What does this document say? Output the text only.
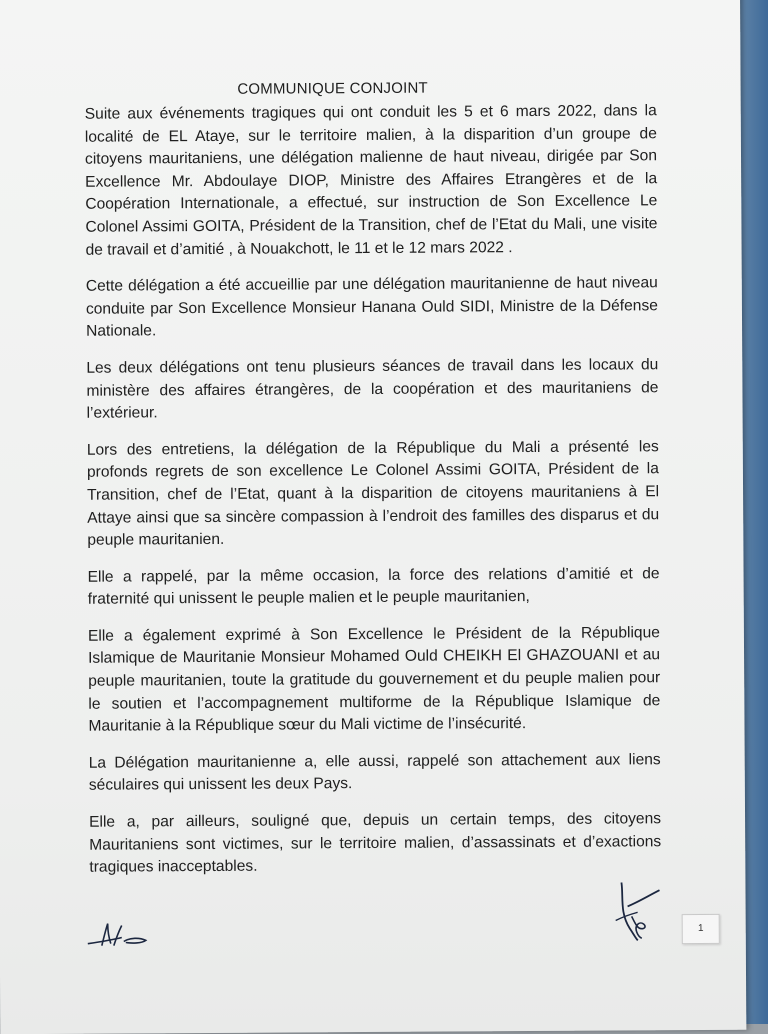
COMMUNIQUE CONJOINT

Suite aux événements tragiques qui ont conduit les 5 et 6 mars 2022, dans la localité de EL Ataye, sur le territoire malien, à la disparition d’un groupe de citoyens mauritaniens, une délégation malienne de haut niveau, dirigée par Son Excellence Mr. Abdoulaye DIOP, Ministre des Affaires Etrangères et de la Coopération Internationale, a effectué, sur instruction de Son Excellence Le Colonel Assimi GOITA, Président de la Transition, chef de l’Etat du Mali, une visite de travail et d’amitié , à Nouakchott, le 11 et le 12 mars 2022 .

Cette délégation a été accueillie par une délégation mauritanienne de haut niveau conduite par Son Excellence Monsieur Hanana Ould SIDI, Ministre de la Défense Nationale.

Les deux délégations ont tenu plusieurs séances de travail dans les locaux du ministère des affaires étrangères, de la coopération et des mauritaniens de l’extérieur.

Lors des entretiens, la délégation de la République du Mali a présenté les profonds regrets de son excellence Le Colonel Assimi GOITA, Président de la Transition, chef de l’Etat, quant à la disparition de citoyens mauritaniens à El Attaye ainsi que sa sincère compassion à l’endroit des familles des disparus et du peuple mauritanien.

Elle a rappelé, par la même occasion, la force des relations d’amitié et de fraternité qui unissent le peuple malien et le peuple mauritanien,

Elle a également exprimé à Son Excellence le Président de la République Islamique de Mauritanie Monsieur Mohamed Ould CHEIKH El GHAZOUANI et au peuple mauritanien, toute la gratitude du gouvernement et du peuple malien pour le soutien et l’accompagnement multiforme de la République Islamique de Mauritanie à la République sœur du Mali victime de l’insécurité.

La Délégation mauritanienne a, elle aussi, rappelé son attachement aux liens séculaires qui unissent les deux Pays.

Elle a, par ailleurs, souligné que, depuis un certain temps, des citoyens Mauritaniens sont victimes, sur le territoire malien, d’assassinats et d’exactions tragiques inacceptables.

1
